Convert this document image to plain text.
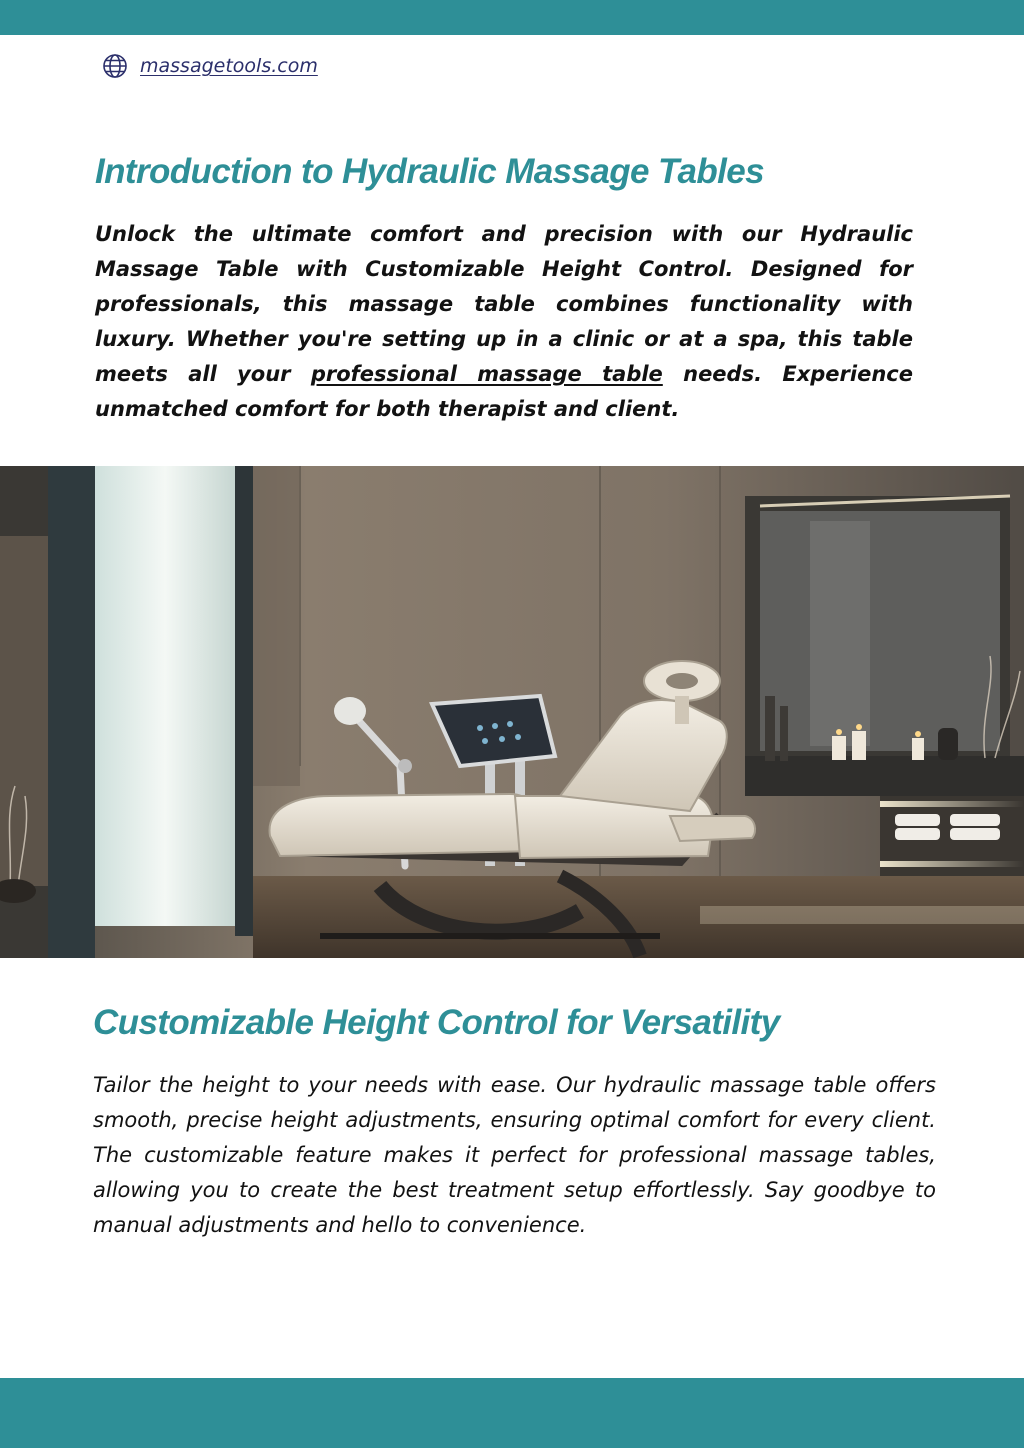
massagetools.com
Introduction to Hydraulic Massage Tables

Unlock the ultimate comfort and precision with our Hydraulic Massage Table with Customizable Height Control. Designed for professionals, this massage table combines functionality with luxury. Whether you're setting up in a clinic or at a spa, this table meets all your professional massage table needs. Experience unmatched comfort for both therapist and client.

Customizable Height Control for Versatility

Tailor the height to your needs with ease. Our hydraulic massage table offers smooth, precise height adjustments, ensuring optimal comfort for every client. The customizable feature makes it perfect for professional massage tables, allowing you to create the best treatment setup effortlessly. Say goodbye to manual adjustments and hello to convenience.
